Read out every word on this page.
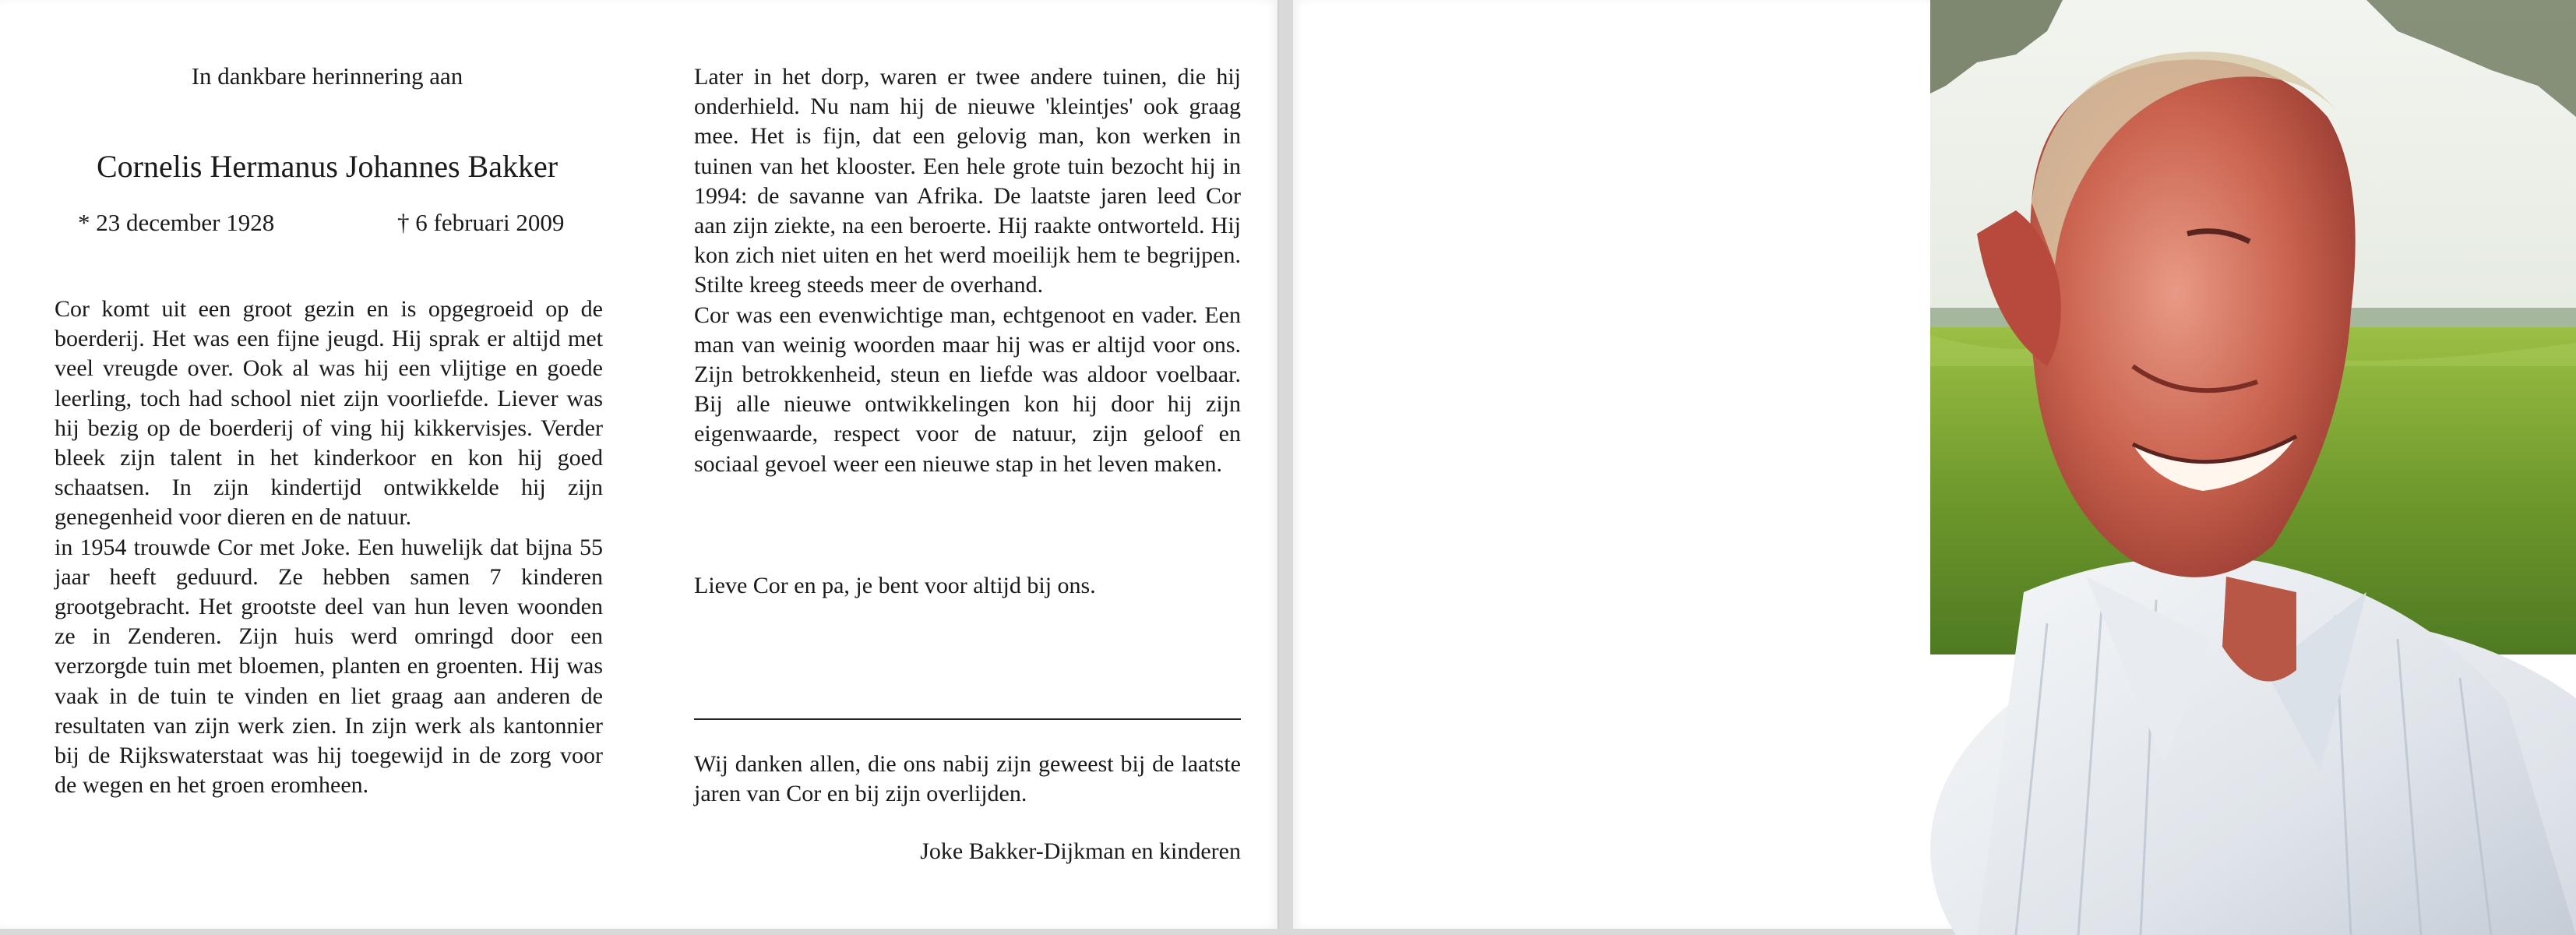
In dankbare herinnering aan
Cornelis Hermanus Johannes Bakker
* 23 december 1928	† 6 februari 2009

Cor komt uit een groot gezin en is opgegroeid op de boerderij. Het was een fijne jeugd. Hij sprak er altijd met veel vreugde over. Ook al was hij een vlijtige en goede leerling, toch had school niet zijn voorliefde. Liever was hij bezig op de boerderij of ving hij kikkervisjes. Verder bleek zijn talent in het kinderkoor en kon hij goed schaatsen. In zijn kindertijd ontwikkelde hij zijn genegenheid voor dieren en de natuur.

in 1954 trouwde Cor met Joke. Een huwelijk dat bijna 55 jaar heeft geduurd. Ze hebben samen 7 kinderen grootgebracht. Het grootste deel van hun leven woonden ze in Zenderen. Zijn huis werd omringd door een verzorgde tuin met bloemen, planten en groenten. Hij was vaak in de tuin te vinden en liet graag aan anderen de resultaten van zijn werk zien. In zijn werk als kantonnier bij de Rijkswaterstaat was hij toegewijd in de zorg voor de wegen en het groen eromheen.

Later in het dorp, waren er twee andere tuinen, die hij onderhield. Nu nam hij de nieuwe 'kleintjes' ook graag mee. Het is fijn, dat een gelovig man, kon werken in tuinen van het klooster. Een hele grote tuin bezocht hij in 1994: de savanne van Afrika. De laatste jaren leed Cor aan zijn ziekte, na een beroerte. Hij raakte ontworteld. Hij kon zich niet uiten en het werd moeilijk hem te begrijpen. Stilte kreeg steeds meer de overhand.

Cor was een evenwichtige man, echtgenoot en vader. Een man van weinig woorden maar hij was er altijd voor ons. Zijn betrokkenheid, steun en liefde was aldoor voelbaar. Bij alle nieuwe ontwikkelingen kon hij door hij zijn eigenwaarde, respect voor de natuur, zijn geloof en sociaal gevoel weer een nieuwe stap in het leven maken.

Lieve Cor en pa, je bent voor altijd bij ons.
Wij danken allen, die ons nabij zijn geweest bij de laatste jaren van Cor en bij zijn overlijden.
Joke Bakker-Dijkman en kinderen
